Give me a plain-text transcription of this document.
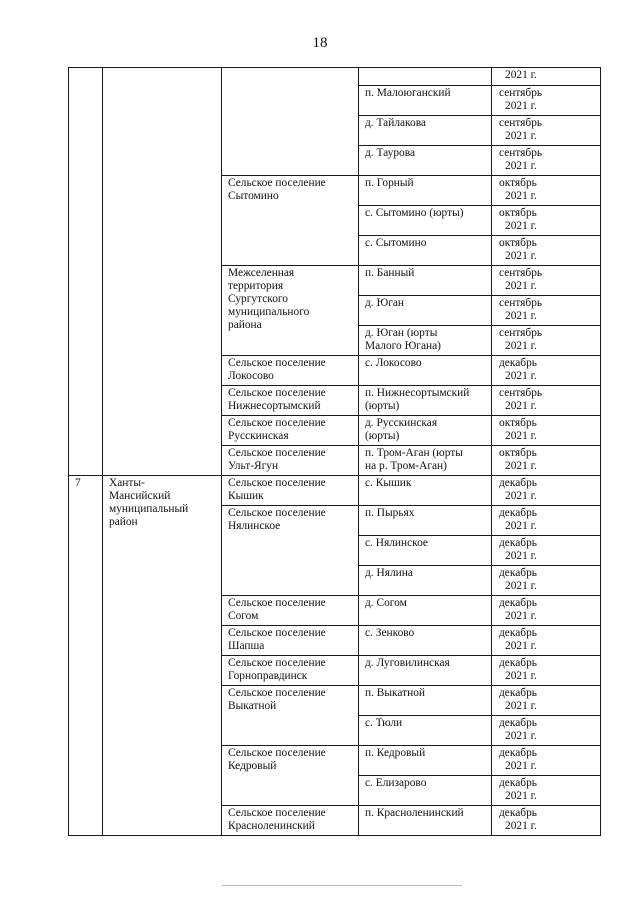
18

				2021 г.

			п. Малоюганский	сентябрь
2021 г.

			д. Тайлакова	сентябрь
2021 г.

			д. Таурова	сентябрь
2021 г.

		Сельское поселение
Сытомино	п. Горный	октябрь
2021 г.

			с. Сытомино (юрты)	октябрь
2021 г.

			с. Сытомино	октябрь
2021 г.

		Межселенная
территория
Сургутского
муниципального
района	п. Банный	сентябрь
2021 г.

			д. Юган	сентябрь
2021 г.

			д. Юган (юрты
Малого Югана)	сентябрь
2021 г.

		Сельское поселение
Локосово	с. Локосово	декабрь
2021 г.

		Сельское поселение
Нижнесортымский	п. Нижнесортымский
(юрты)	сентябрь
2021 г.

		Сельское поселение
Русскинская	д. Русскинская
(юрты)	октябрь
2021 г.

		Сельское поселение
Ульт-Ягун	п. Тром-Аган (юрты
на р. Тром-Аган)	октябрь
2021 г.

7	Ханты-
Мансийский
муниципальный
район	Сельское поселение
Кышик	с. Кышик	декабрь
2021 г.

		Сельское поселение
Нялинское	п. Пырьях	декабрь
2021 г.

			с. Нялинское	декабрь
2021 г.

			д. Нялина	декабрь
2021 г.

		Сельское поселение
Согом	д. Согом	декабрь
2021 г.

		Сельское поселение
Шапша	с. Зенково	декабрь
2021 г.

		Сельское поселение
Горноправдинск	д. Луговилинская	декабрь
2021 г.

		Сельское поселение
Выкатной	п. Выкатной	декабрь
2021 г.

			с. Тюли	декабрь
2021 г.

		Сельское поселение
Кедровый	п. Кедровый	декабрь
2021 г.

			с. Елизарово	декабрь
2021 г.

		Сельское поселение
Красноленинский	п. Красноленинский	декабрь
2021 г.
